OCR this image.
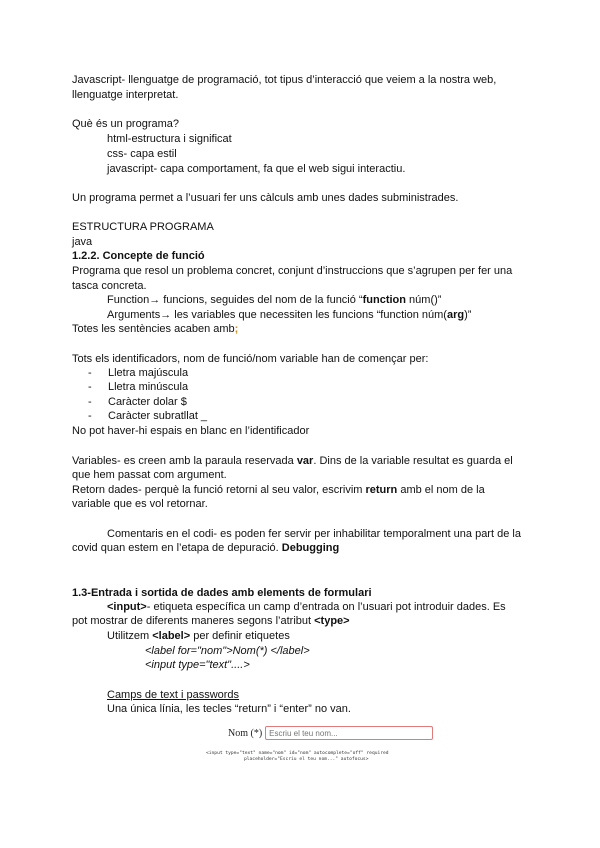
Javascript- llenguatge de programació, tot tipus d’interacció que veiem a la nostra web,
llenguatge interpretat.
Què és un programa?
html-estructura i significat
css- capa estil
javascript- capa comportament, fa que el web sigui interactiu.
Un programa permet a l’usuari fer uns càlculs amb unes dades subministrades.
ESTRUCTURA PROGRAMA
java
1.2.2. Concepte de funció
Programa que resol un problema concret, conjunt d’instruccions que s’agrupen per fer una
tasca concreta.
Function→ funcions, seguides del nom de la funció “function núm()”
Arguments→ les variables que necessiten les funcions “function núm(arg)”
Totes les sentències acaben amb;
Tots els identificadors, nom de funció/nom variable han de començar per:
- Lletra majúscula
- Lletra minúscula
- Caràcter dolar $
- Caràcter subratllat _
No pot haver-hi espais en blanc en l’identificador
Variables- es creen amb la paraula reservada var. Dins de la variable resultat es guarda el
que hem passat com argument.
Retorn dades- perquè la funció retorni al seu valor, escrivim return amb el nom de la
variable que es vol retornar.
Comentaris en el codi- es poden fer servir per inhabilitar temporalment una part de la
covid quan estem en l’etapa de depuració. Debugging
1.3-Entrada i sortida de dades amb elements de formulari
<input>- etiqueta específica un camp d’entrada on l’usuari pot introduir dades. Es
pot mostrar de diferents maneres segons l’atribut <type>
Utilitzem <label> per definir etiquetes
<label for="nom">Nom(*) </label>
<input type="text"....>
Camps de text i passwords
Una única línia, les tecles “return” i “enter” no van.
Nom (*)
Escriu el teu nom...
<input type="text" name="nom" id="nom" autocomplete="off" required
placeholder="Escriu el teu nom..." autofocus>
